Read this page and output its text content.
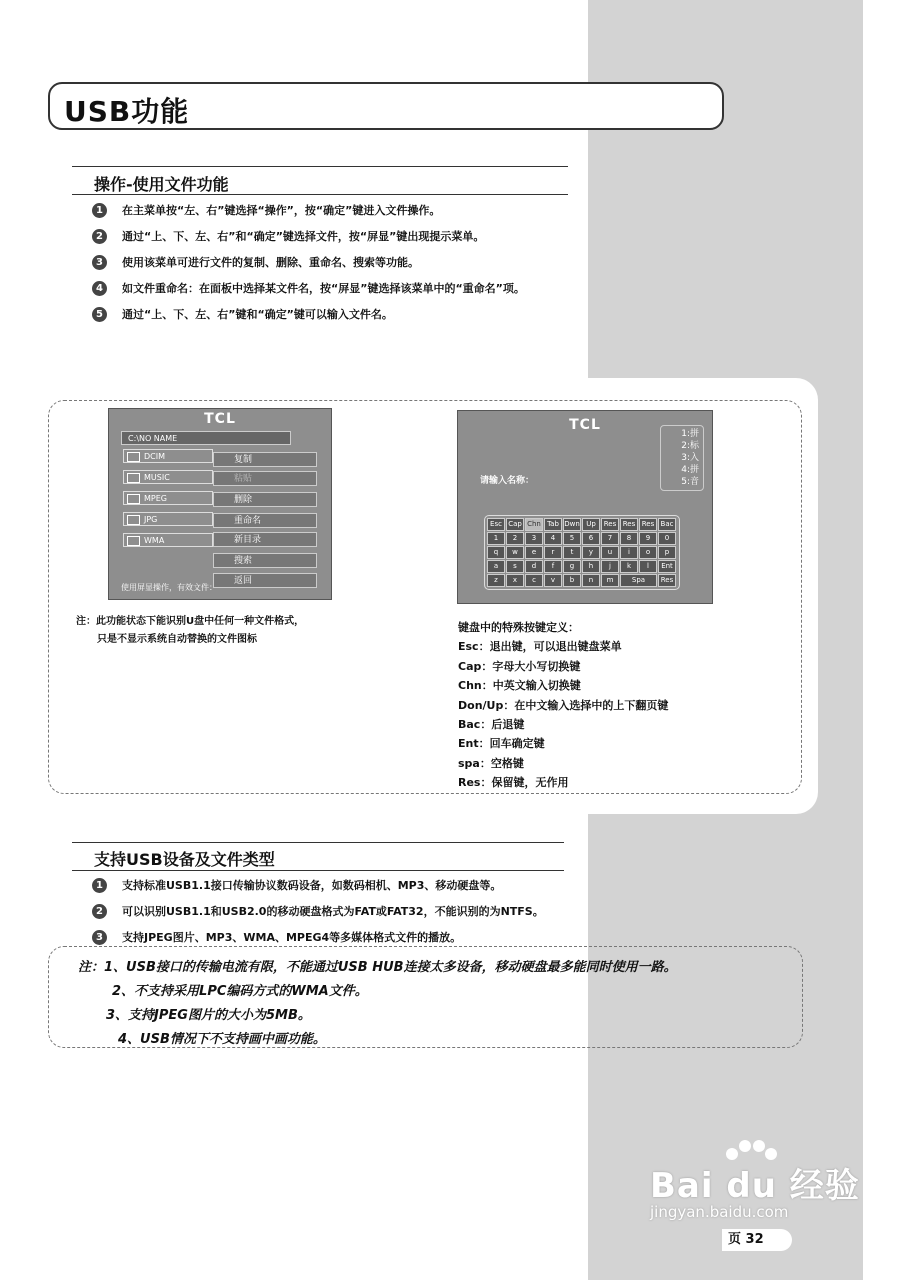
USB功能
操作-使用文件功能
1	在主菜单按“左、右”键选择“操作”，按“确定”键进入文件操作。
2	通过“上、下、左、右”和“确定”键选择文件，按“屏显”键出现提示菜单。
3	使用该菜单可进行文件的复制、删除、重命名、搜索等功能。
4	如文件重命名：在面板中选择某文件名，按“屏显”键选择该菜单中的“重命名”项。
5	通过“上、下、左、右”键和“确定”键可以输入文件名。
TCL
C:\NO NAME
DCIM
MUSIC
MPEG
JPG
WMA
复制
粘贴
删除
重命名
新目录
搜索
返回
使用屏显操作，有效文件：
TCL
1:拼
2:标
3:入
4:拼
5:音
请输入名称：
Esc Cap Chn Tab Dwn Up	Res Res Res Bac
1	2	3	4	5	6	7	8	9	0
q	w	e	r	t	y	u	i	o	p
a	s	d	f	g	h	j	k	l	Ent
z	x	c	v	b	n	m	Spa	Res
注：此功能状态下能识别U盘中任何一种文件格式，
只是不显示系统自动替换的文件图标
键盘中的特殊按键定义：
Esc：退出键，可以退出键盘菜单
Cap：字母大小写切换键
Chn：中英文输入切换键
Don/Up：在中文输入选择中的上下翻页键
Bac：后退键
Ent：回车确定键
spa：空格键
Res：保留键，无作用
支持USB设备及文件类型
1	支持标准USB1.1接口传输协议数码设备，如数码相机、MP3、移动硬盘等。
2	可以识别USB1.1和USB2.0的移动硬盘格式为FAT或FAT32，不能识别的为NTFS。
3	支持JPEG图片、MP3、WMA、MPEG4等多媒体格式文件的播放。
注：1、USB接口的传输电流有限，不能通过USB HUB连接太多设备，移动硬盘最多能同时使用一路。
2、不支持采用LPC编码方式的WMA文件。
3、支持JPEG图片的大小为5MB。
4、USB情况下不支持画中画功能。
Bai du 经验
jingyan.baidu.com
页 32
